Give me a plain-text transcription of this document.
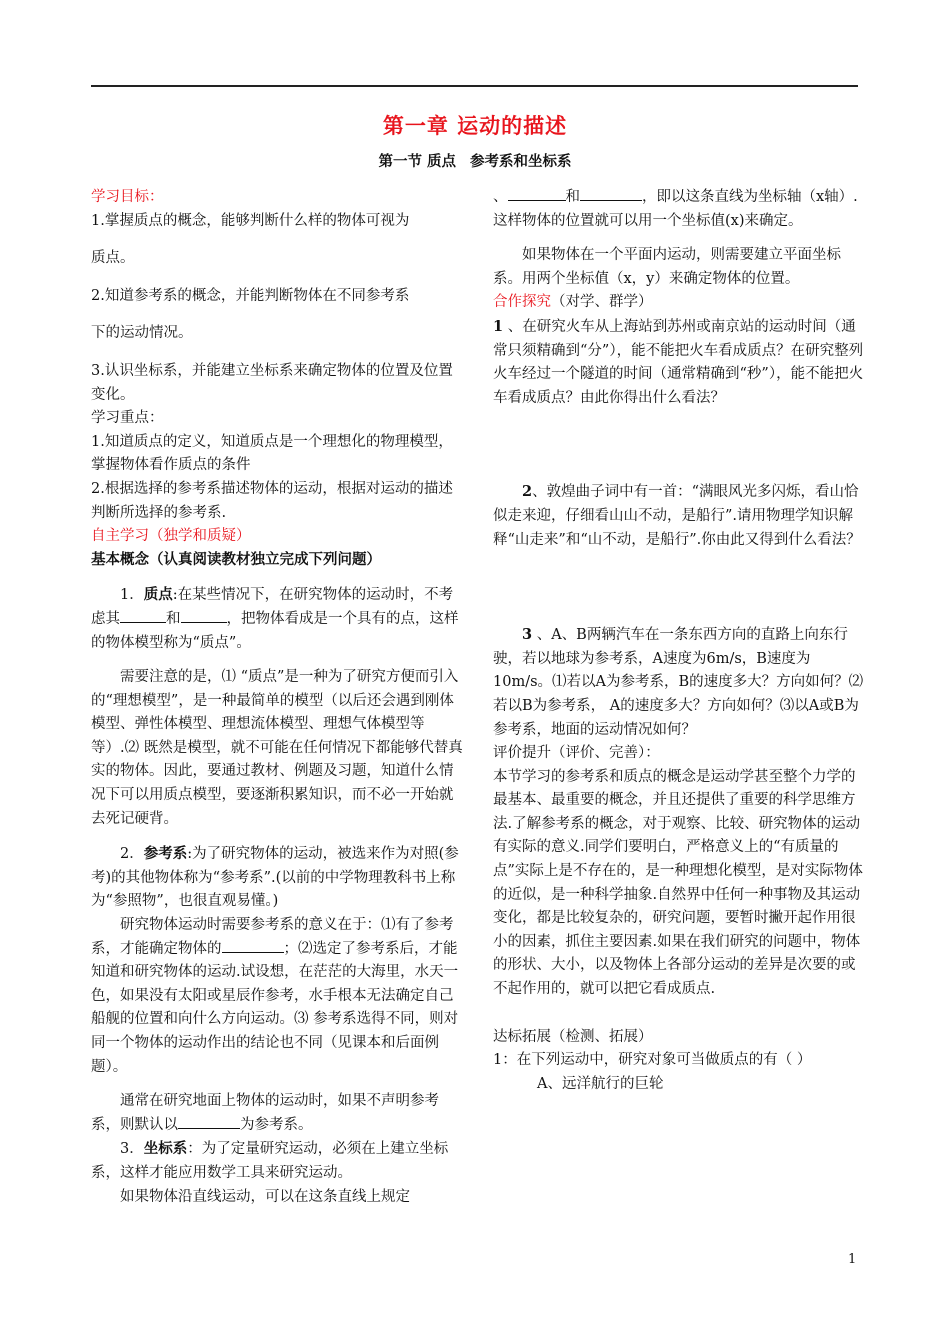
第一章 运动的描述
第一节 质点 参考系和坐标系

学习目标：

1.掌握质点的概念，能够判断什么样的物体可视为

质点。

2.知道参考系的概念，并能判断物体在不同参考系

下的运动情况。

3.认识坐标系，并能建立坐标系来确定物体的位置及位置变化。

学习重点：

1.知道质点的定义，知道质点是一个理想化的物理模型，掌握物体看作质点的条件

2.根据选择的参考系描述物体的运动，根据对运动的描述判断所选择的参考系.

自主学习（独学和质疑）

基本概念（认真阅读教材独立完成下列问题）

1．质点:在某些情况下，在研究物体的运动时，不考虑其	和	，把物体看成是一个具有的点，这样的物体模型称为“质点”。

需要注意的是，⑴ “质点”是一种为了研究方便而引入的“理想模型”，是一种最简单的模型（以后还会遇到刚体模型、弹性体模型、理想流体模型、理想气体模型等等）.⑵ 既然是模型，就不可能在任何情况下都能够代替真实的物体。因此，要通过教材、例题及习题，知道什么情况下可以用质点模型，要逐渐积累知识，而不必一开始就去死记硬背。

2．参考系:为了研究物体的运动，被选来作为对照(参考)的其他物体称为“参考系”.(以前的中学物理教科书上称为“参照物”，也很直观易懂。)

研究物体运动时需要参考系的意义在于：⑴有了参考系，才能确定物体的	；⑵选定了参考系后，才能知道和研究物体的运动.试设想，在茫茫的大海里，水天一色，如果没有太阳或星辰作参考，水手根本无法确定自己船舰的位置和向什么方向运动。⑶ 参考系选得不同，则对同一个物体的运动作出的结论也不同（见课本和后面例题）。

通常在研究地面上物体的运动时，如果不声明参考系，则默认以	为参考系。

3．坐标系：为了定量研究运动，必须在上建立坐标系，这样才能应用数学工具来研究运动。

如果物体沿直线运动，可以在这条直线上规定

、	和	，即以这条直线为坐标轴（x轴）.这样物体的位置就可以用一个坐标值(x)来确定。

如果物体在一个平面内运动，则需要建立平面坐标系。用两个坐标值（x，y）来确定物体的位置。

合作探究（对学、群学）

1 、在研究火车从上海站到苏州或南京站的运动时间（通常只须精确到“分”），能不能把火车看成质点？在研究整列火车经过一个隧道的时间（通常精确到“秒”），能不能把火车看成质点？由此你得出什么看法？

2、敦煌曲子词中有一首：“满眼风光多闪烁，看山恰似走来迎，仔细看山山不动，是船行”.请用物理学知识解释“山走来”和“山不动，是船行”.你由此又得到什么看法？

3 、A、B两辆汽车在一条东西方向的直路上向东行驶，若以地球为参考系，A速度为6m/s，B速度为10m/s。⑴若以A为参考系，B的速度多大？方向如何？⑵若以B为参考系， A的速度多大？方向如何？⑶以A或B为参考系，地面的运动情况如何？

评价提升（评价、完善）：

本节学习的参考系和质点的概念是运动学甚至整个力学的最基本、最重要的概念，并且还提供了重要的科学思维方法.了解参考系的概念，对于观察、比较、研究物体的运动有实际的意义.同学们要明白，严格意义上的“有质量的点”实际上是不存在的，是一种理想化模型，是对实际物体的近似，是一种科学抽象.自然界中任何一种事物及其运动变化，都是比较复杂的，研究问题，要暂时撇开起作用很小的因素，抓住主要因素.如果在我们研究的问题中，物体的形状、大小，以及物体上各部分运动的差异是次要的或不起作用的，就可以把它看成质点.

达标拓展（检测、拓展）

1：在下列运动中，研究对象可当做质点的有（ ）

A、远洋航行的巨轮

1
